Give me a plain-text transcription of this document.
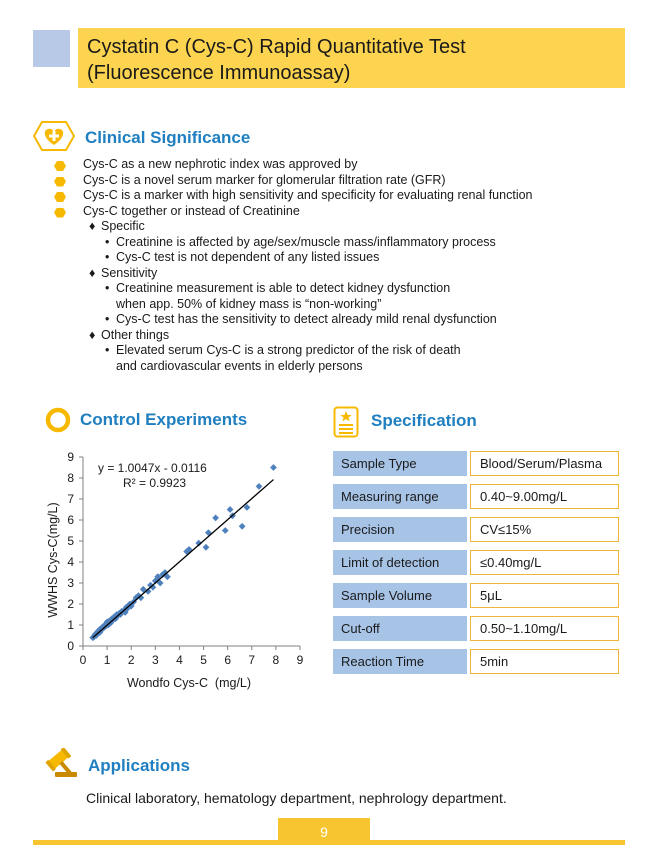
Cystatin C (Cys-C) Rapid Quantitative Test
(Fluorescence Immunoassay)
Clinical Significance
Cys-C as a new nephrotic index was approved by
Cys-C is a novel serum marker for glomerular filtration rate (GFR)
Cys-C is a marker with high sensitivity and specificity for evaluating renal function
Cys-C together or instead of Creatinine
♦ Specific
• Creatinine is affected by age/sex/muscle mass/inflammatory process
• Cys-C test is not dependent of any listed issues
♦ Sensitivity
• Creatinine measurement is able to detect kidney dysfunction
when app. 50% of kidney mass is “non-working”
• Cys-C test has the sensitivity to detect already mild renal dysfunction
♦ Other things
• Elevated serum Cys-C is a strong predictor of the risk of death
and cardiovascular events in elderly persons
Control Experiments
0 1 2 3 4 5 6 7 8 9
0
1
2
3
4
5
6
7
8
9
y = 1.0047x - 0.0116
R² = 0.9923
Wondfo Cys-C  (mg/L)
WWHS Cys-C(mg/L)
Specification
Sample Type	Blood/Serum/Plasma
Measuring range	0.40~9.00mg/L
Precision	CV≤15%
Limit of detection	≤0.40mg/L
Sample Volume	5μL
Cut-off	0.50~1.10mg/L
Reaction Time	5min
Applications
Clinical laboratory, hematology department, nephrology department.
9
